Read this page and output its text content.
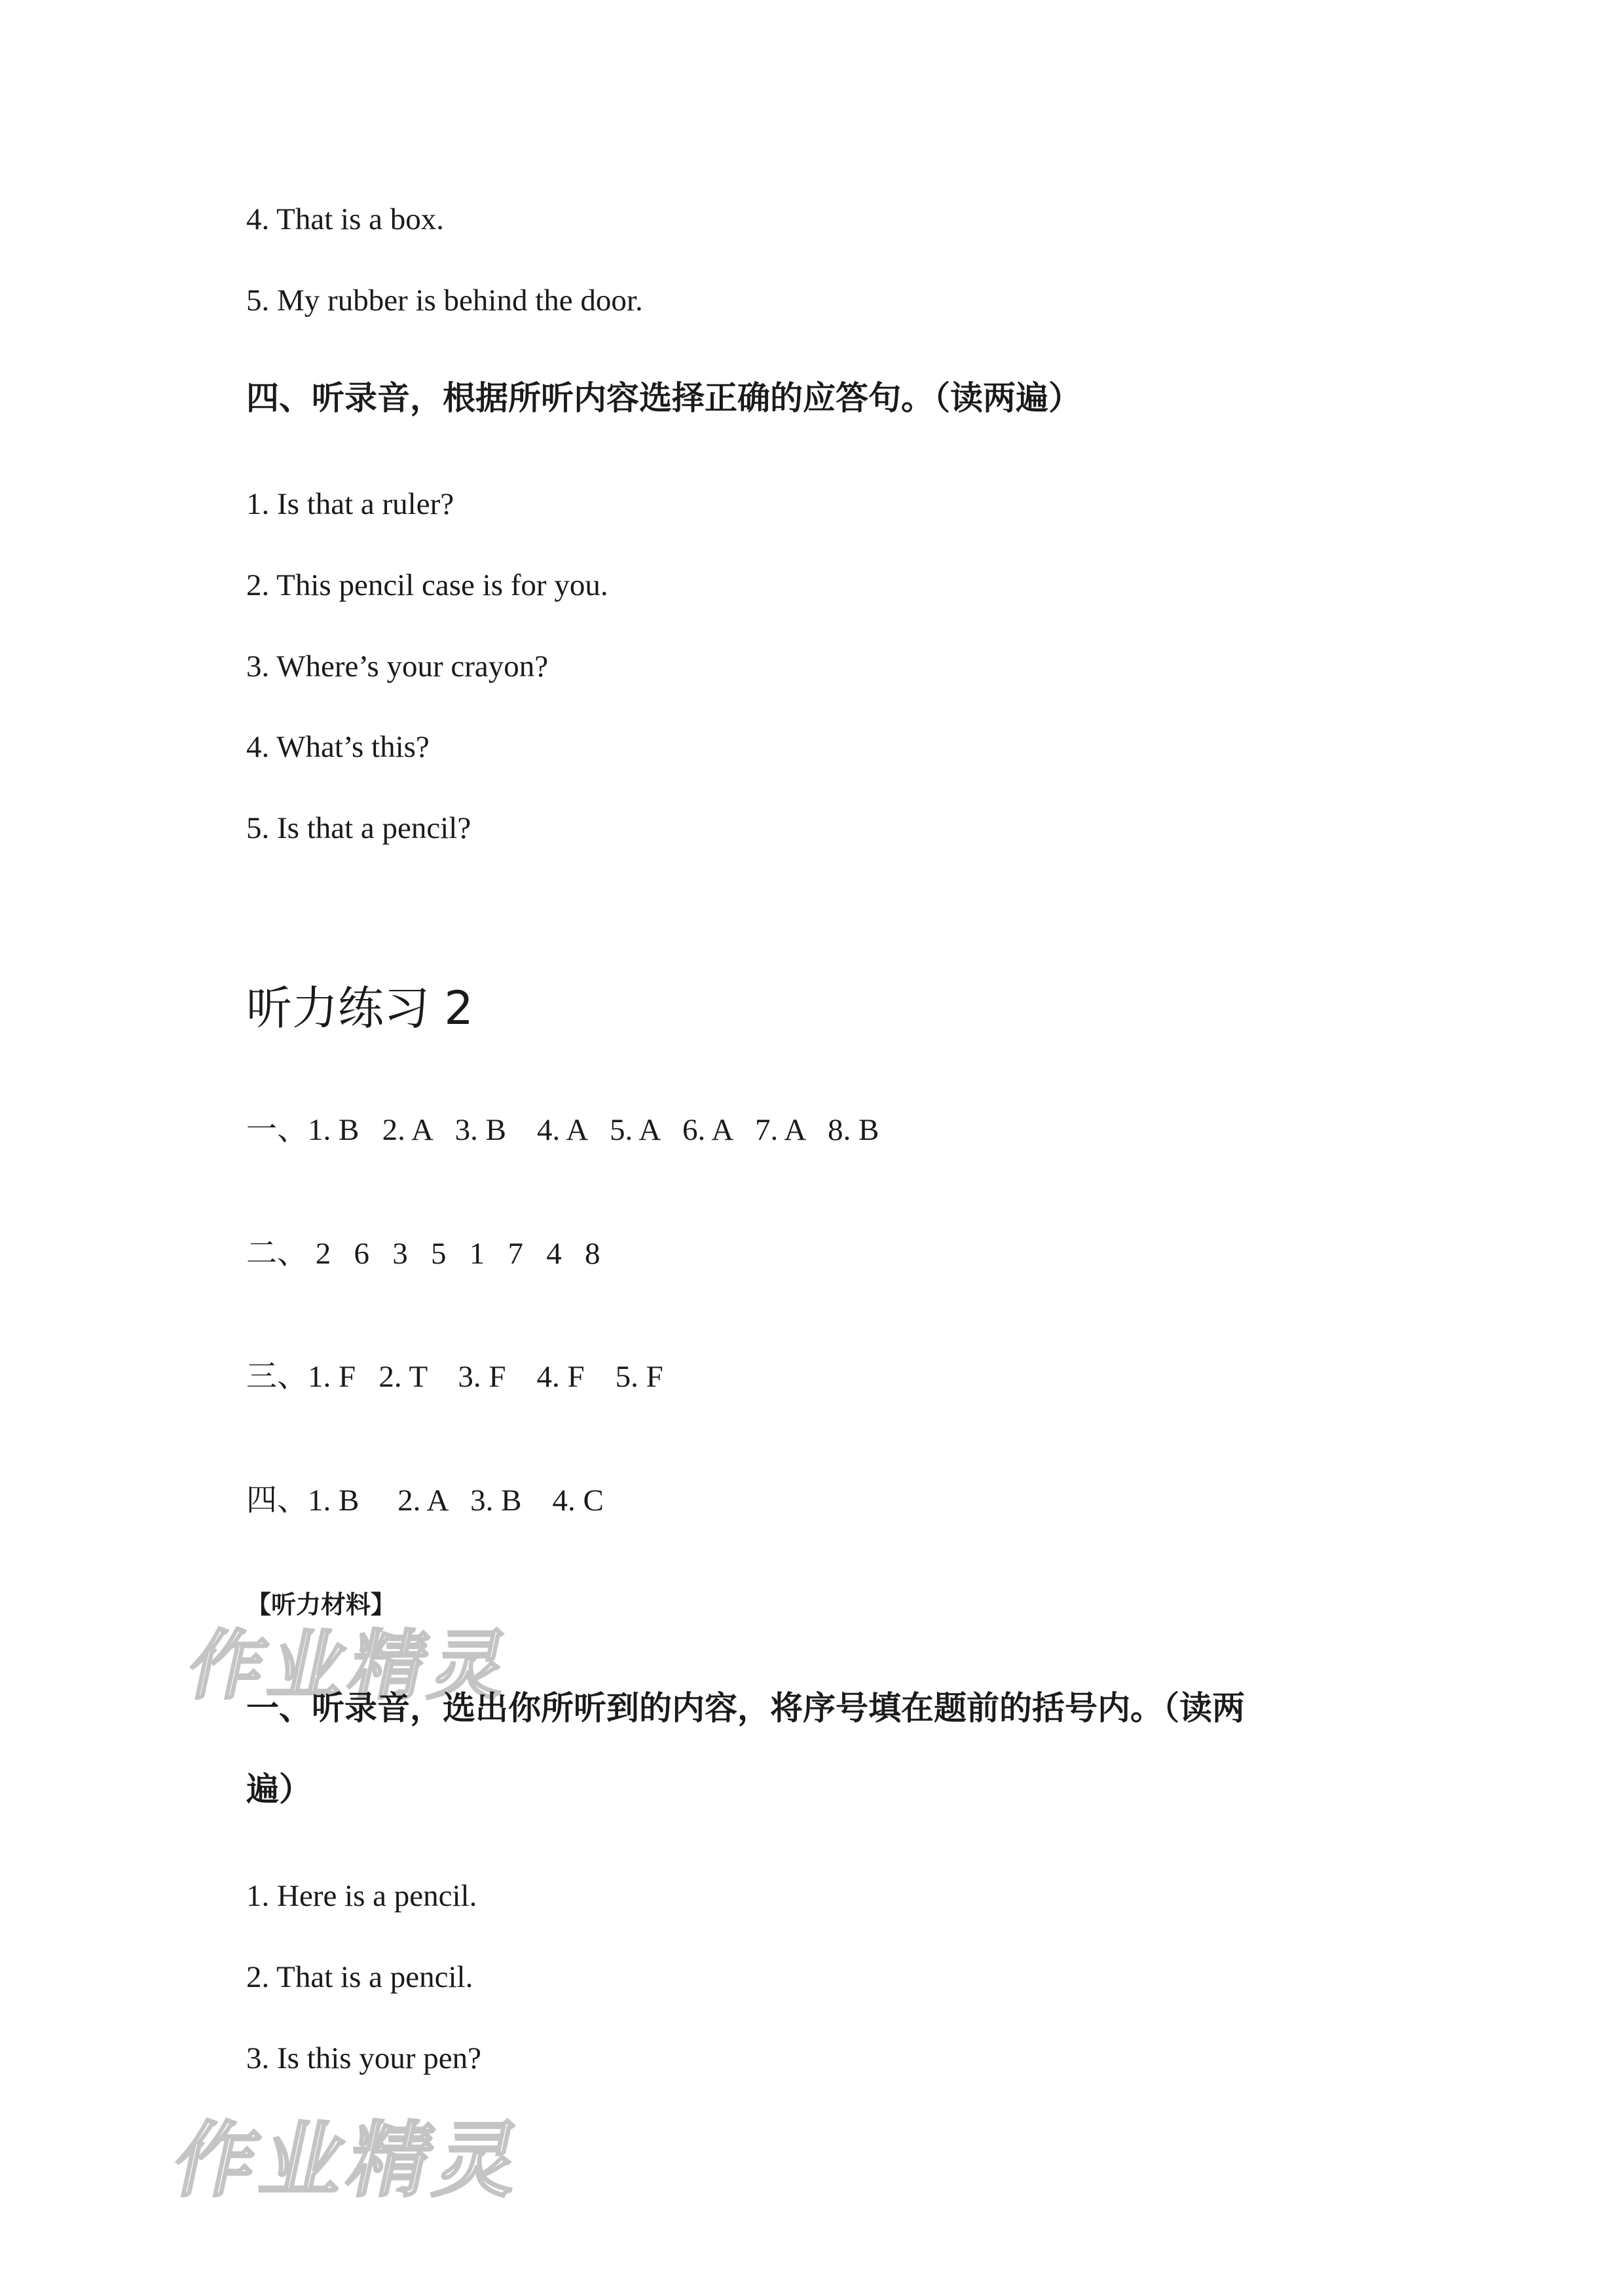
4. That is a box.
5. My rubber is behind the door.
四、听录音，根据所听内容选择正确的应答句。（读两遍）
1. Is that a ruler?
2. This pencil case is for you.
3. Where’s your crayon?
4. What’s this?
5. Is that a pencil?
听力练习 2
一、1. B   2. A   3. B    4. A   5. A   6. A   7. A   8. B
二、 2   6   3   5   1   7   4   8
三、1. F   2. T    3. F    4. F    5. F
四、1. B     2. A   3. B    4. C
【听力材料】
作业精灵
一、听录音，选出你所听到的内容，将序号填在题前的括号内。（读两
遍）
1. Here is a pencil.
2. That is a pencil.
3. Is this your pen?
作业精灵
